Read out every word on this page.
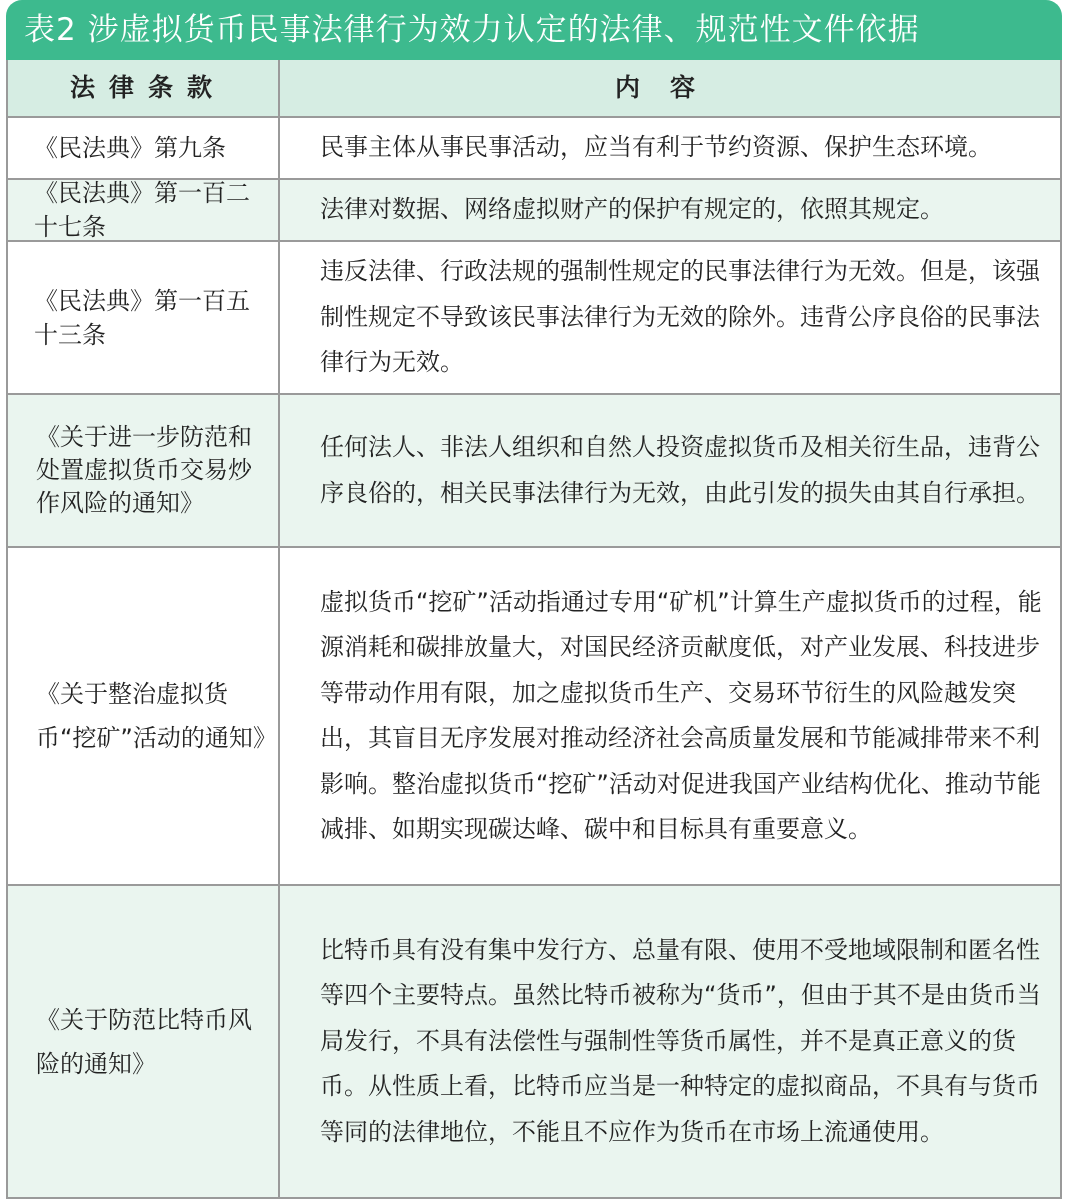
表2 涉虚拟货币民事法律行为效力认定的法律、规范性文件依据
法律条款	内容
《民法典》第九条	民事主体从事民事活动，应当有利于节约资源、保护生态环境。
《民法典》第一百二十七条
法律对数据、网络虚拟财产的保护有规定的，依照其规定。
《民法典》第一百五十三条
违反法律、行政法规的强制性规定的民事法律行为无效。但是，该强制性规定不导致该民事法律行为无效的除外。违背公序良俗的民事法律行为无效。
《关于进一步防范和处置虚拟货币交易炒作风险的通知》
任何法人、非法人组织和自然人投资虚拟货币及相关衍生品，违背公序良俗的，相关民事法律行为无效，由此引发的损失由其自行承担。
《关于整治虚拟货币“挖矿”活动的通知》
虚拟货币“挖矿”活动指通过专用“矿机”计算生产虚拟货币的过程，能源消耗和碳排放量大，对国民经济贡献度低，对产业发展、科技进步等带动作用有限，加之虚拟货币生产、交易环节衍生的风险越发突出，其盲目无序发展对推动经济社会高质量发展和节能减排带来不利影响。整治虚拟货币“挖矿”活动对促进我国产业结构优化、推动节能减排、如期实现碳达峰、碳中和目标具有重要意义。
《关于防范比特币风险的通知》
比特币具有没有集中发行方、总量有限、使用不受地域限制和匿名性等四个主要特点。虽然比特币被称为“货币”，但由于其不是由货币当局发行，不具有法偿性与强制性等货币属性，并不是真正意义的货币。从性质上看，比特币应当是一种特定的虚拟商品，不具有与货币等同的法律地位，不能且不应作为货币在市场上流通使用。
